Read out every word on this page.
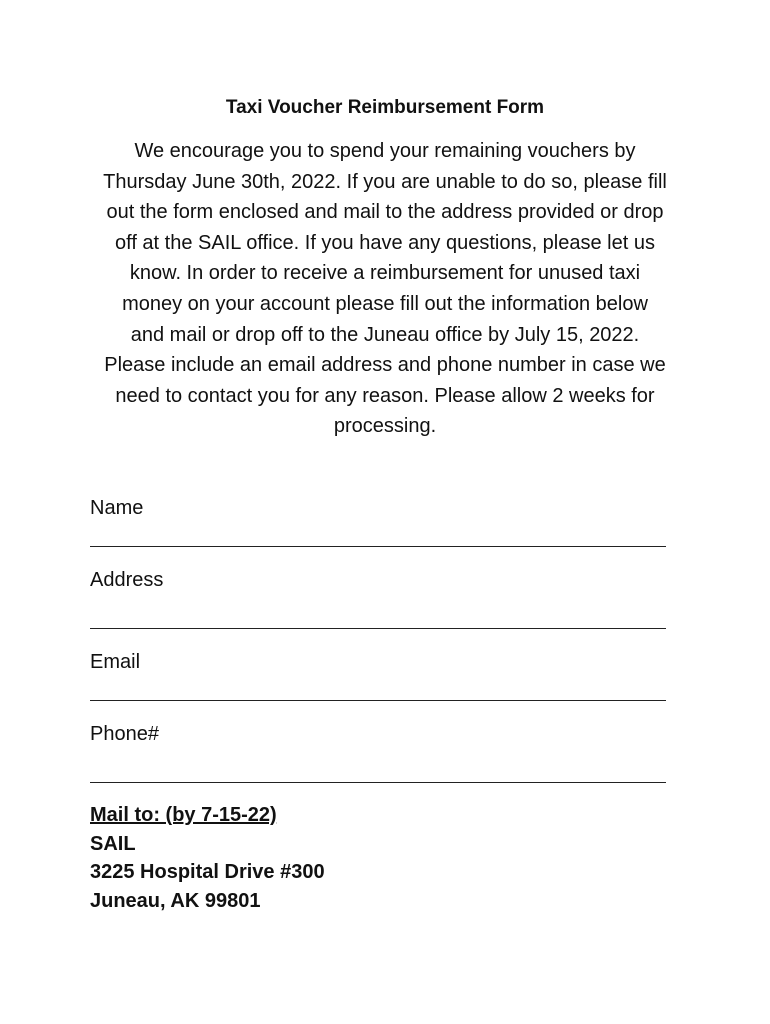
Taxi Voucher Reimbursement Form
We encourage you to spend your remaining vouchers by
Thursday June 30th, 2022. If you are unable to do so, please fill
out the form enclosed and mail to the address provided or drop
off at the SAIL office. If you have any questions, please let us
know. In order to receive a reimbursement for unused taxi
money on your account please fill out the information below
and mail or drop off to the Juneau office by July 15, 2022.
Please include an email address and phone number in case we
need to contact you for any reason. Please allow 2 weeks for
processing.
Name
Address
Email
Phone#
Mail to: (by 7-15-22)
SAIL
3225 Hospital Drive #300
Juneau, AK 99801
